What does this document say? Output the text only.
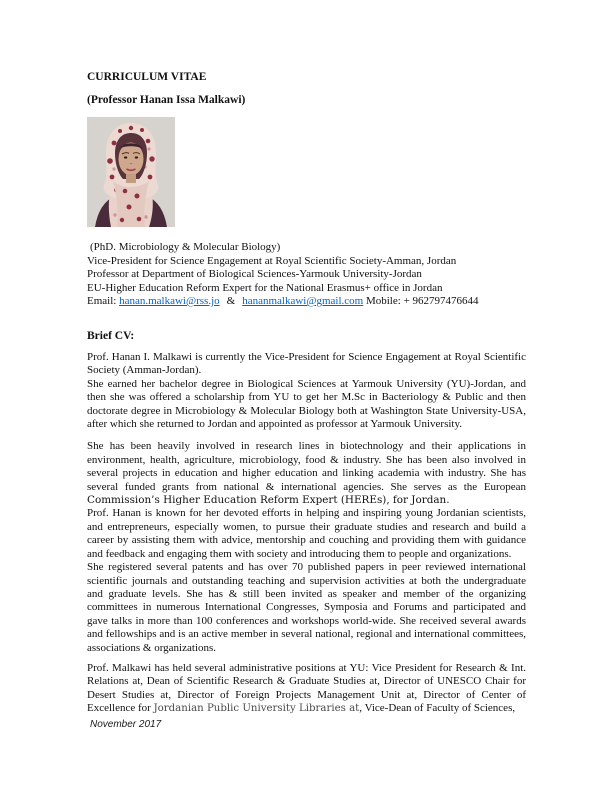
CURRICULUM VITAE
(Professor Hanan Issa Malkawi)
(PhD. Microbiology & Molecular Biology)
Vice-President for Science Engagement at Royal Scientific Society-Amman, Jordan
Professor at Department of Biological Sciences-Yarmouk University-Jordan
EU-Higher Education Reform Expert for the National Erasmus+ office in Jordan
Email: hanan.malkawi@rss.jo & hananmalkawi@gmail.com Mobile: + 962797476644
Brief CV:

Prof. Hanan I. Malkawi is currently the Vice-President for Science Engagement at Royal Scientific Society (Amman-Jordan).

She earned her bachelor degree in Biological Sciences at Yarmouk University (YU)-Jordan, and then she was offered a scholarship from YU to get her M.Sc in Bacteriology & Public and then doctorate degree in Microbiology & Molecular Biology both at Washington State University-USA, after which she returned to Jordan and appointed as professor at Yarmouk University.

She has been heavily involved in research lines in biotechnology and their applications in environment, health, agriculture, microbiology, food & industry. She has been also involved in several projects in education and higher education and linking academia with industry. She has several funded grants from national & international agencies. She serves as the European Commission’s Higher Education Reform Expert (HEREs), for Jordan.

Prof. Hanan is known for her devoted efforts in helping and inspiring young Jordanian scientists, and entrepreneurs, especially women, to pursue their graduate studies and research and build a career by assisting them with advice, mentorship and couching and providing them with guidance and feedback and engaging them with society and introducing them to people and organizations.

She registered several patents and has over 70 published papers in peer reviewed international scientific journals and outstanding teaching and supervision activities at both the undergraduate and graduate levels. She has & still been invited as speaker and member of the organizing committees in numerous International Congresses, Symposia and Forums and participated and gave talks in more than 100 conferences and workshops world-wide. She received several awards and fellowships and is an active member in several national, regional and international committees, associations & organizations.

Prof. Malkawi has held several administrative positions at YU: Vice President for Research & Int. Relations at, Dean of Scientific Research & Graduate Studies at, Director of UNESCO Chair for Desert Studies at, Director of Foreign Projects Management Unit at, Director of Center of Excellence for Jordanian Public University Libraries at, Vice-Dean of Faculty of Sciences,

November 2017
